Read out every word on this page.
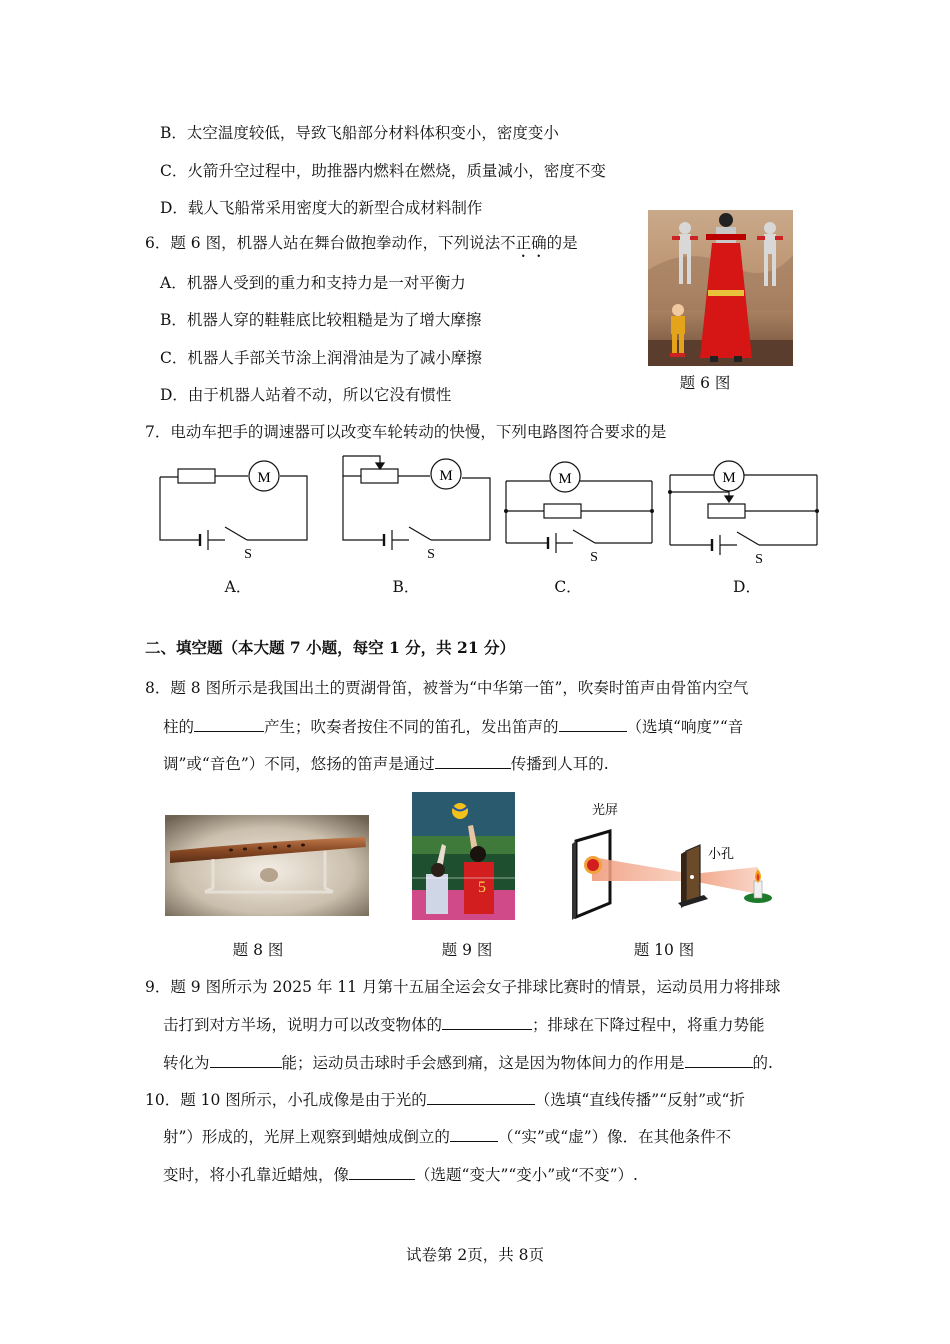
B．太空温度较低，导致飞船部分材料体积变小，密度变小
C．火箭升空过程中，助推器内燃料在燃烧，质量减小，密度不变
D．载人飞船常采用密度大的新型合成材料制作
6．题 6 图，机器人站在舞台做抱拳动作，下列说法不正确的是
A．机器人受到的重力和支持力是一对平衡力
B．机器人穿的鞋鞋底比较粗糙是为了增大摩擦
C．机器人手部关节涂上润滑油是为了减小摩擦
D．由于机器人站着不动，所以它没有惯性
题 6 图
7．电动车把手的调速器可以改变车轮转动的快慢，下列电路图符合要求的是
M
S
A．
M
S
B．
M
S
C．
M
S
D．
二、填空题（本大题 7 小题，每空 1 分，共 21 分）
8．题 8 图所示是我国出土的贾湖骨笛，被誉为“中华第一笛”，吹奏时笛声由骨笛内空气
柱的	产生；吹奏者按住不同的笛孔，发出笛声的	（选填“响度”“音
调”或“音色”）不同，悠扬的笛声是通过	传播到人耳的.
题 8 图
5
题 9 图
光屏
小孔
题 10 图
9．题 9 图所示为 2025 年 11 月第十五届全运会女子排球比赛时的情景，运动员用力将排球
击打到对方半场，说明力可以改变物体的	；排球在下降过程中，将重力势能
转化为	能；运动员击球时手会感到痛，这是因为物体间力的作用是	的.
10．题 10 图所示，小孔成像是由于光的	（选填“直线传播”“反射”或“折
射”）形成的，光屏上观察到蜡烛成倒立的	（“实”或“虚”）像．在其他条件不
变时，将小孔靠近蜡烛，像	（选题“变大”“变小”或“不变”）.
试卷第 2页，共 8页
